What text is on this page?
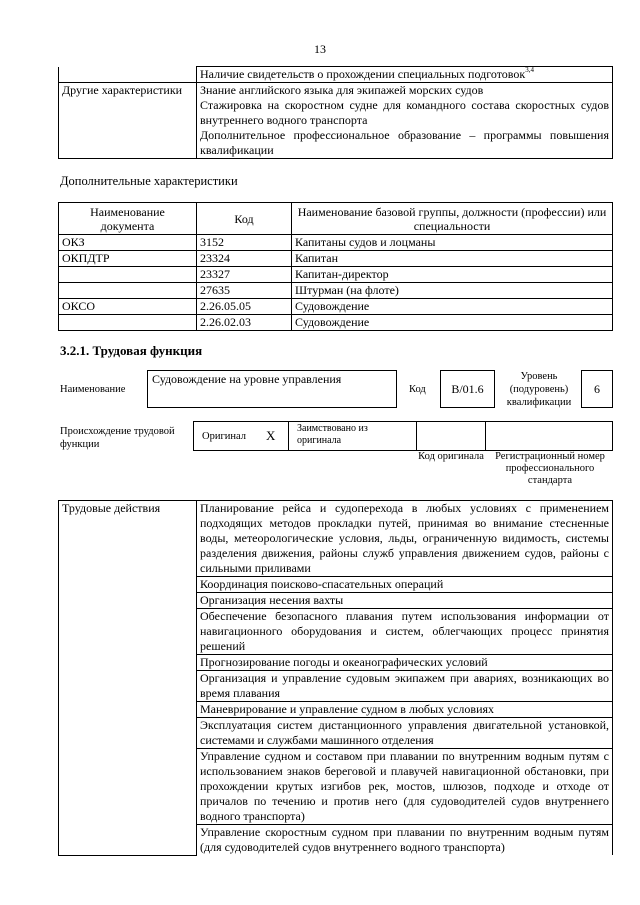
13
	Наличие свидетельств о прохождении специальных подготовок$^{3,4}$
Другие характеристики	Знание английского языка для экипажей морских судов
Стажировка на скоростном судне для командного состава скоростных судов внутреннего водного транспорта
Дополнительное профессиональное образование – программы повышения квалификации
Дополнительные характеристики
Наименование документа	Код	Наименование базовой группы, должности (профессии) или специальности
ОКЗ	3152	Капитаны судов и лоцманы
ОКПДТР	23324	Капитан
	23327	Капитан-директор
	27635	Штурман (на флоте)
ОКСО	2.26.05.05	Судовождение
	2.26.02.03	Судовождение
3.2.1. Трудовая функция
Наименование
Судовождение на уровне управления
Код	B/01.6
Уровень (подуровень) квалификации
6
Происхождение трудовой функции
Оригинал X	Заимствовано из оригинала
Код оригинала	Регистрационный номер профессионального стандарта
Трудовые действия	Планирование рейса и судоперехода в любых условиях с применением подходящих методов прокладки путей, принимая во внимание стесненные воды, метеорологические условия, льды, ограниченную видимость, системы разделения движения, районы служб управления движением судов, районы с сильными приливами
Координация поисково-спасательных операций
Организация несения вахты
Обеспечение безопасного плавания путем использования информации от навигационного оборудования и систем, облегчающих процесс принятия решений
Прогнозирование погоды и океанографических условий
Организация и управление судовым экипажем при авариях, возникающих во время плавания
Маневрирование и управление судном в любых условиях
Эксплуатация систем дистанционного управления двигательной установкой, системами и службами машинного отделения
Управление судном и составом при плавании по внутренним водным путям с использованием знаков береговой и плавучей навигационной обстановки, при прохождении крутых изгибов рек, мостов, шлюзов, подходе и отходе от причалов по течению и против него (для судоводителей судов внутреннего водного транспорта)
Управление скоростным судном при плавании по внутренним водным путям (для судоводителей судов внутреннего водного транспорта)
